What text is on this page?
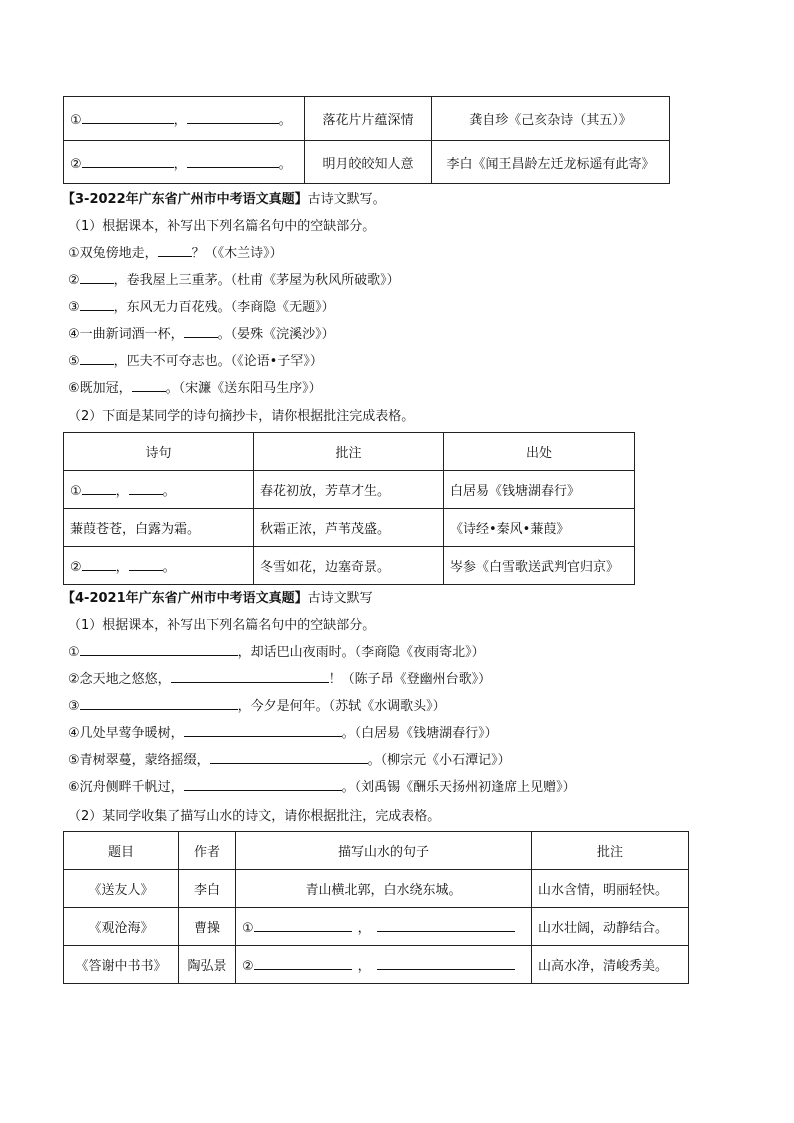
① ， 。	落花片片蕴深情	龚自珍《己亥杂诗（其五）》
② ， 。	明月皎皎知人意	李白《闻王昌龄左迁龙标遥有此寄》
【3-2022年广东省广州市中考语文真题】古诗文默写。
（1）根据课本，补写出下列名篇名句中的空缺部分。
①双兔傍地走，	？（《木兰诗》）
②	，卷我屋上三重茅。（杜甫《茅屋为秋风所破歌》）
③	，东风无力百花残。（李商隐《无题》）
④一曲新词酒一杯，	。（晏殊《浣溪沙》）
⑤	，匹夫不可夺志也。（《论语•子罕》）
⑥既加冠，	。（宋濂《送东阳马生序》）
（2）下面是某同学的诗句摘抄卡，请你根据批注完成表格。
诗句	批注	出处
① ， 。	春花初放，芳草才生。	白居易《钱塘湖春行》
蒹葭苍苍，白露为霜。	秋霜正浓，芦苇茂盛。	《诗经•秦风•蒹葭》
② ， 。	冬雪如花，边塞奇景。	岑参《白雪歌送武判官归京》
【4-2021年广东省广州市中考语文真题】古诗文默写
（1）根据课本，补写出下列名篇名句中的空缺部分。
①	，却话巴山夜雨时。（李商隐《夜雨寄北》）
②念天地之悠悠，	！（陈子昂《登幽州台歌》）
③	，今夕是何年。（苏轼《水调歌头》）
④几处早莺争暖树，	。（白居易《钱塘湖春行》）
⑤青树翠蔓，蒙络摇缀，	。（柳宗元《小石潭记》）
⑥沉舟侧畔千帆过，	。（刘禹锡《酬乐天扬州初逢席上见赠》）
（2）某同学收集了描写山水的诗文，请你根据批注，完成表格。
题目	作者	描写山水的句子	批注
《送友人》	李白	青山横北郭，白水绕东城。	山水含情，明丽轻快。
《观沧海》	曹操	① ，	山水壮阔，动静结合。
《答谢中书书》	陶弘景	② ，	山高水净，清峻秀美。
